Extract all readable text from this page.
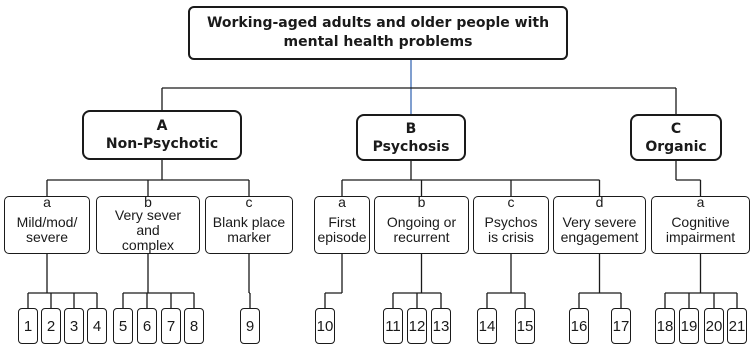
Working-aged adults and older people with
mental health problems
A
Non-Psychotic
B
Psychosis
C
Organic
a
Mild/mod/
severe
b
Very sever
and
complex
c
Blank place
marker
a
First
episode
b
Ongoing or
recurrent
c
Psychos
is crisis
d
Very severe
engagement
a
Cognitive
impairment
1 2 3 4	5	6	7 8	9	10	11 12 13 14 15 16 17 18 19 20 21
